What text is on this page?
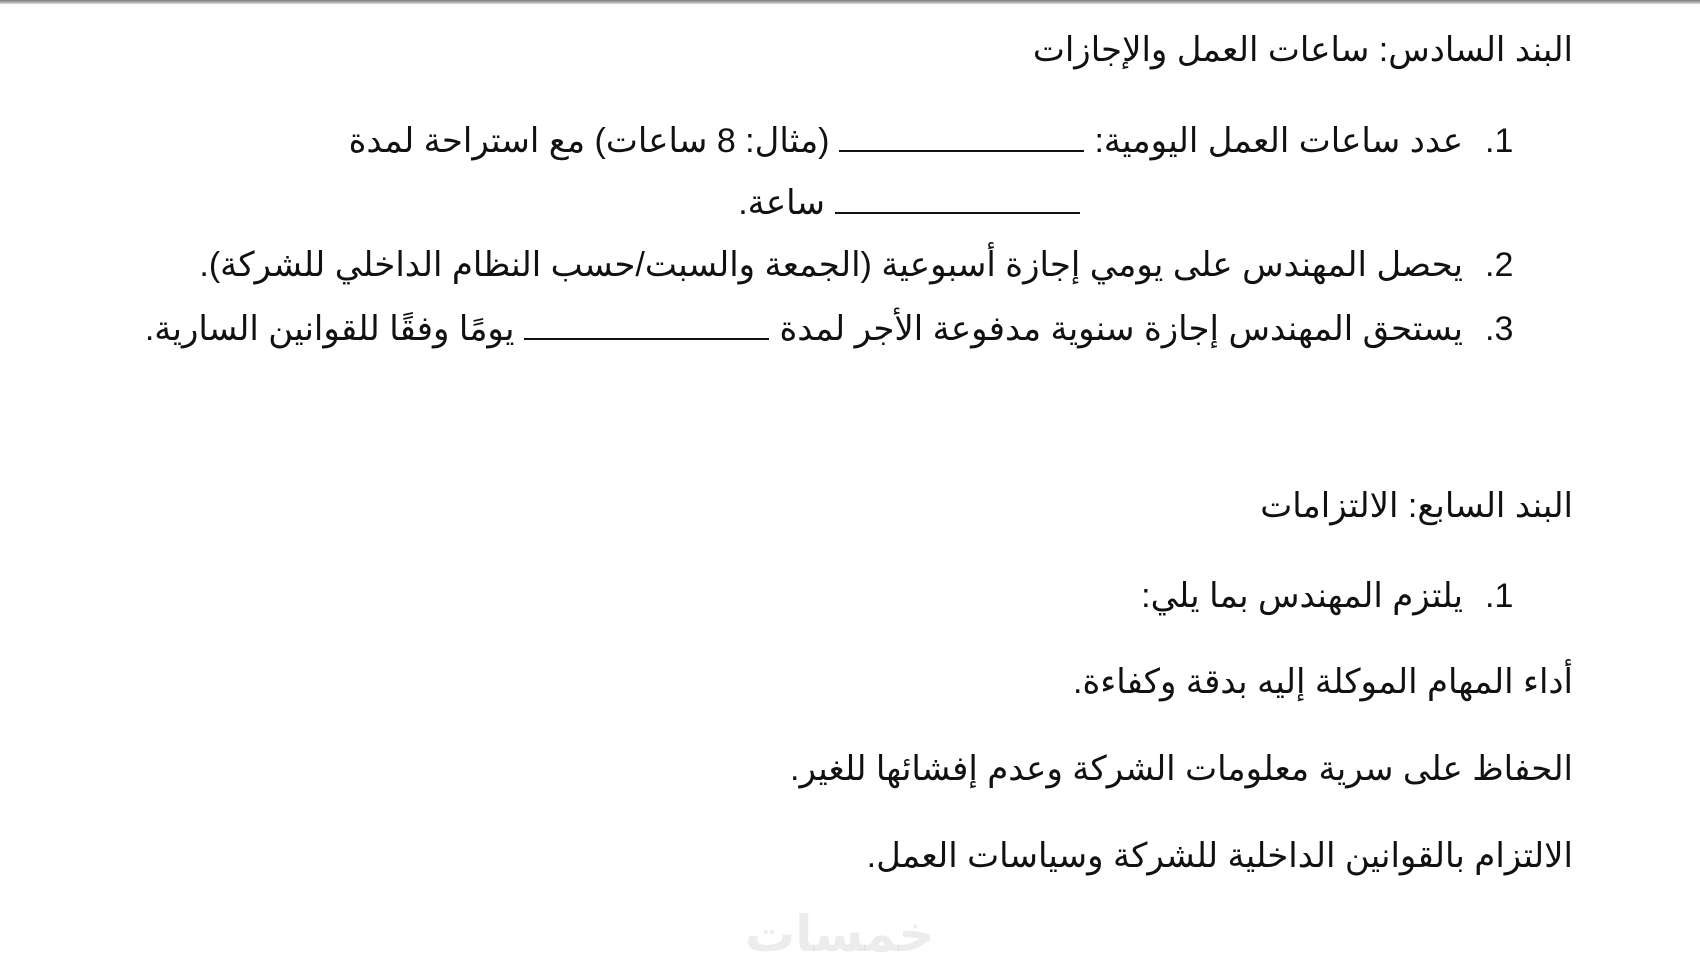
البند السادس: ساعات العمل والإجازات
1.عدد ساعات العمل اليومية:(مثال: 8 ساعات) مع استراحة لمدة
ساعة.
2.يحصل المهندس على يومي إجازة أسبوعية (الجمعة والسبت/حسب النظام الداخلي للشركة).
3.يستحق المهندس إجازة سنوية مدفوعة الأجر لمدةيومًا وفقًا للقوانين السارية.
البند السابع: الالتزامات
1.يلتزم المهندس بما يلي:
أداء المهام الموكلة إليه بدقة وكفاءة.
الحفاظ على سرية معلومات الشركة وعدم إفشائها للغير.
الالتزام بالقوانين الداخلية للشركة وسياسات العمل.
خمسات
